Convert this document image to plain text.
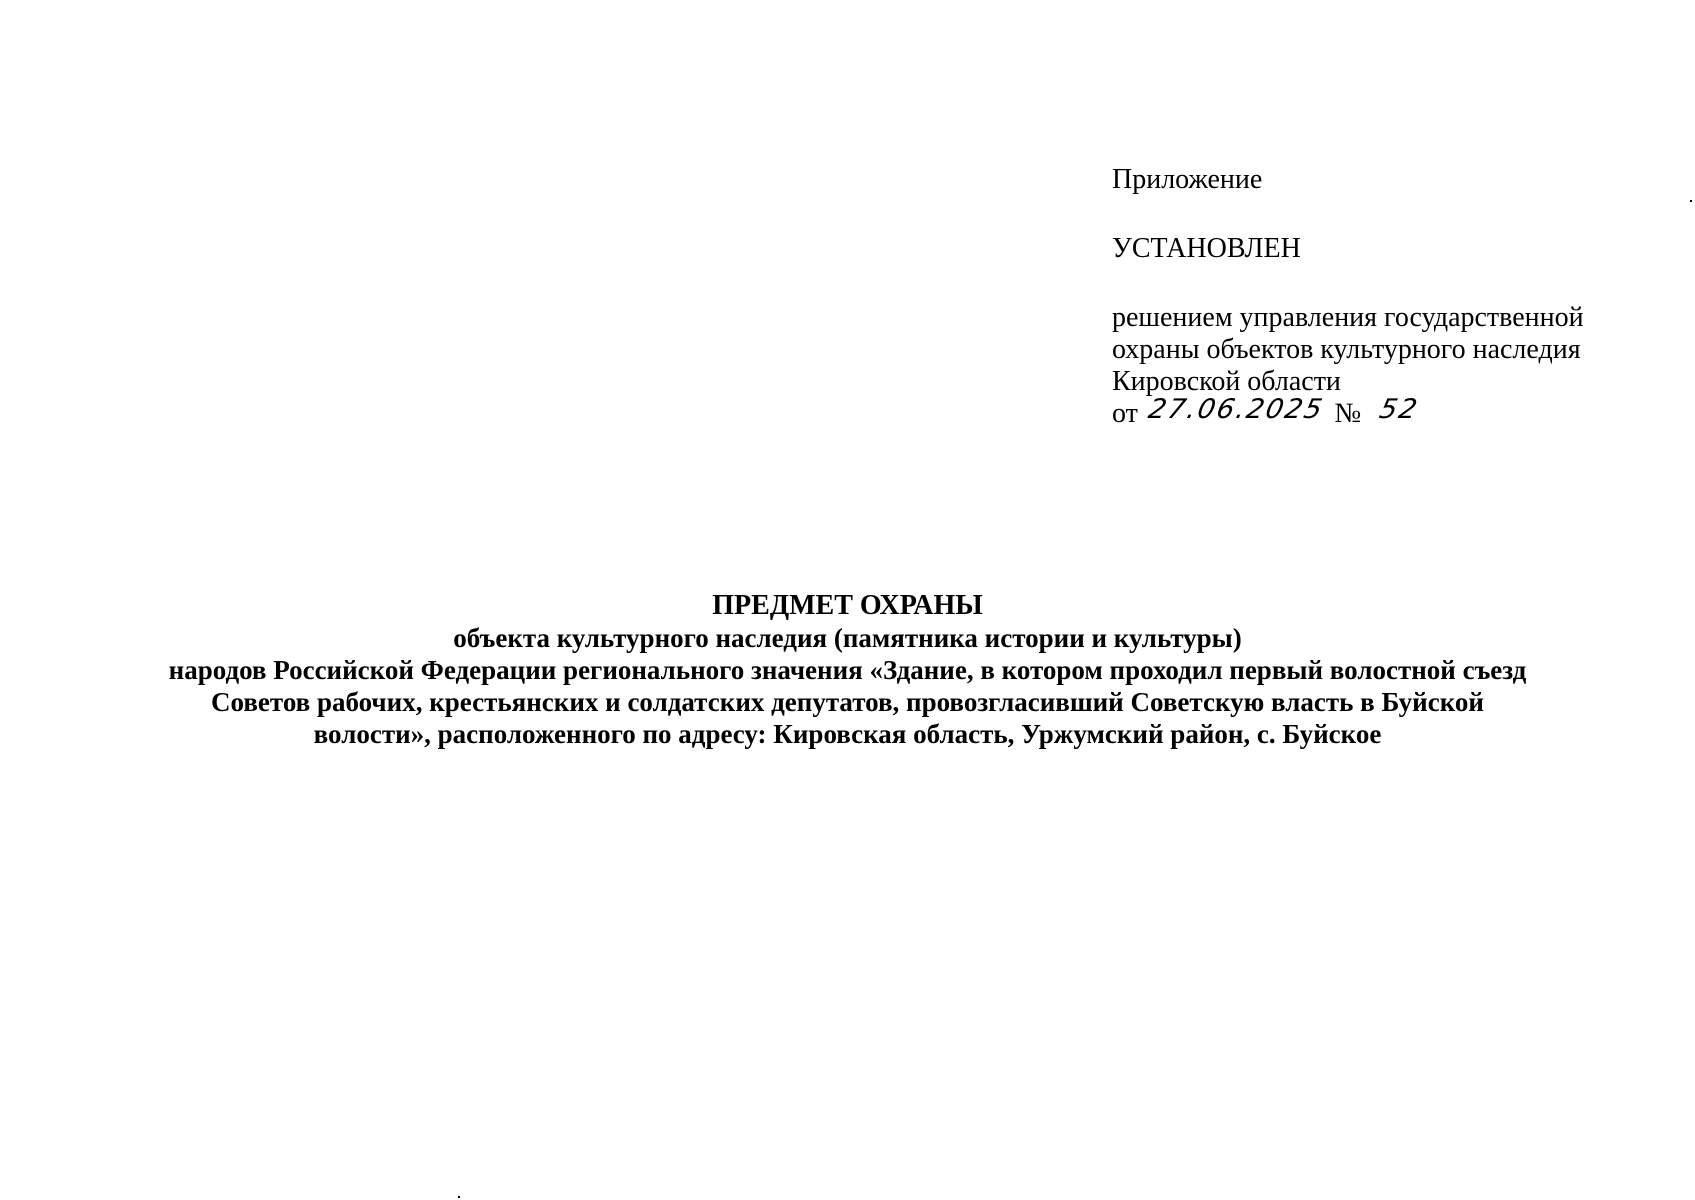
Приложение
УСТАНОВЛЕН
решением управления государственной
охраны объектов культурного наследия
Кировской области
от 27.06.2025 № 52
ПРЕДМЕТ ОХРАНЫ
объекта культурного наследия (памятника истории и культуры)
народов Российской Федерации регионального значения «Здание, в котором проходил первый волостной съезд
Советов рабочих, крестьянских и солдатских депутатов, провозгласивший Советскую власть в Буйской
волости», расположенного по адресу: Кировская область, Уржумский район, с. Буйское
